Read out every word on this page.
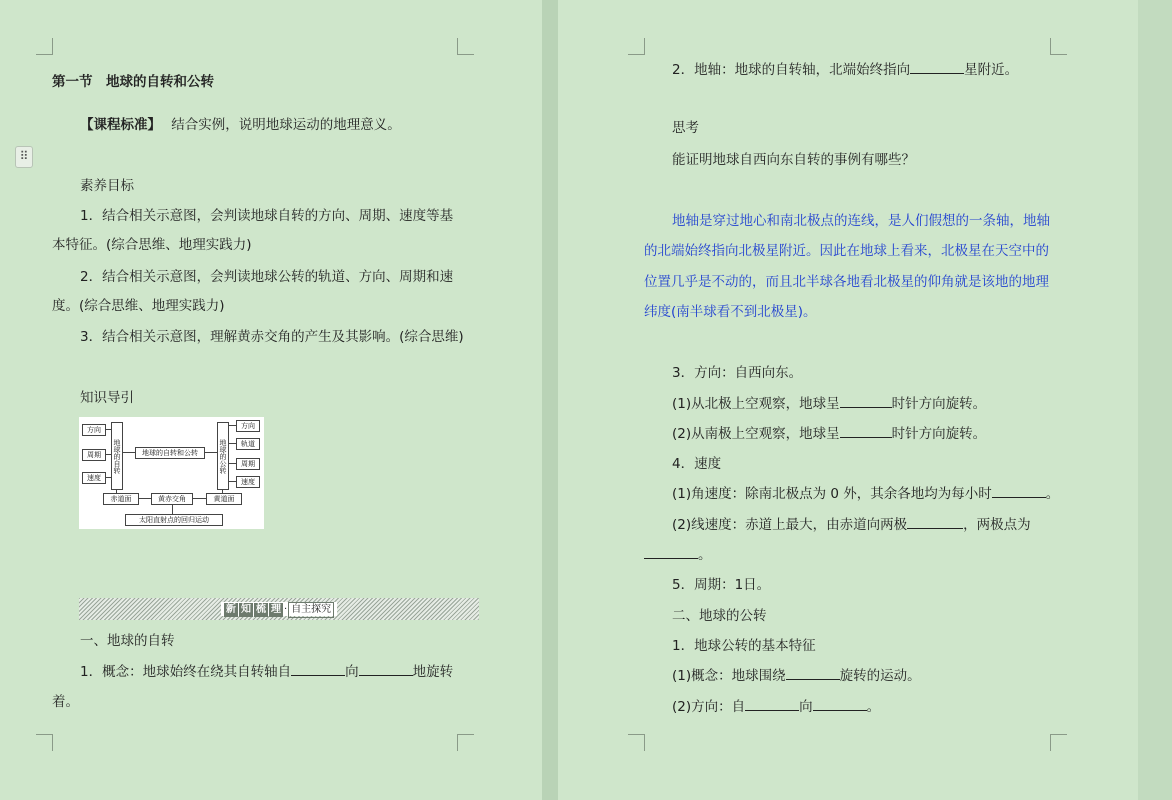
第一节　地球的自转和公转
【课程标准】 结合实例，说明地球运动的地理意义。
素养目标
1．结合相关示意图，会判读地球自转的方向、周期、速度等基
本特征。(综合思维、地理实践力)
2．结合相关示意图，会判读地球公转的轨道、方向、周期和速
度。(综合思维、地理实践力)
3．结合相关示意图，理解黄赤交角的产生及其影响。(综合思维)
知识导引
方向
周期
速度
地球的自转	地球的自转和公转	地球的公转
方向
轨道
周期
速度
赤道面	黄赤交角	黄道面
太阳直射点的回归运动
新 知 梳 理 · 自主探究
一、地球的自转
1．概念：地球始终在绕其自转轴自	向	地旋转
着。
⠿
2．地轴：地球的自转轴，北端始终指向	星附近。
思考
能证明地球自西向东自转的事例有哪些？
地轴是穿过地心和南北极点的连线，是人们假想的一条轴，地轴
的北端始终指向北极星附近。因此在地球上看来，北极星在天空中的
位置几乎是不动的，而且北半球各地看北极星的仰角就是该地的地理
纬度(南半球看不到北极星)。
3．方向：自西向东。
(1)从北极上空观察，地球呈	时针方向旋转。
(2)从南极上空观察，地球呈	时针方向旋转。
4．速度
(1)角速度：除南北极点为 0 外，其余各地均为每小时	。
(2)线速度：赤道上最大，由赤道向两极	，两极点为
。
5．周期：1日。
二、地球的公转
1．地球公转的基本特征
(1)概念：地球围绕	旋转的运动。
(2)方向：自	向	。
